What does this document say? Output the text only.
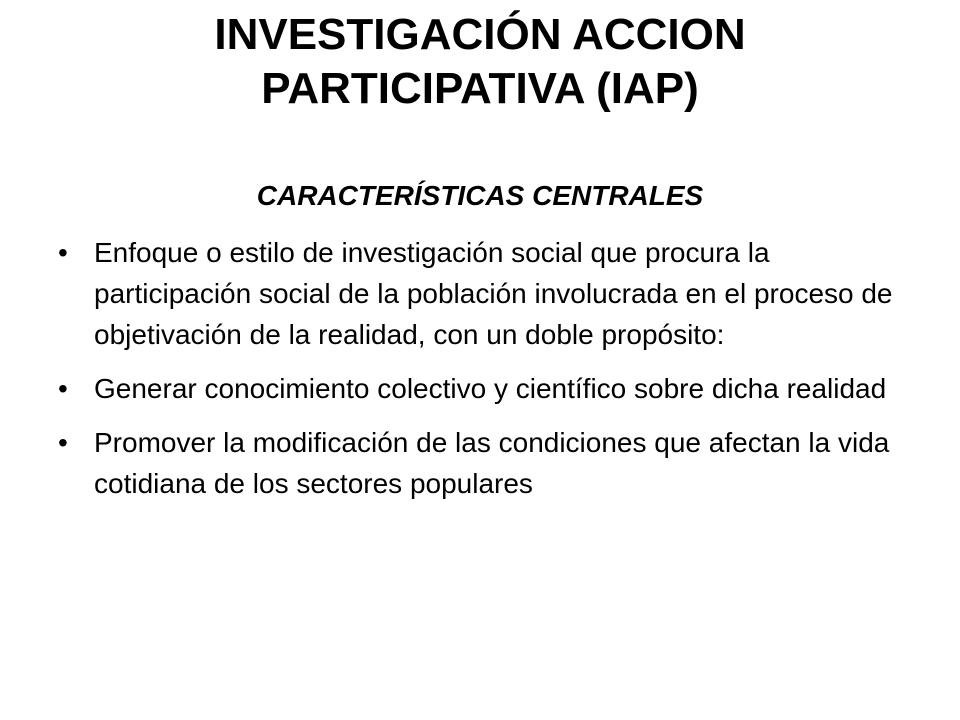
INVESTIGACIÓN ACCION
PARTICIPATIVA (IAP)
CARACTERÍSTICAS CENTRALES
• Enfoque o estilo de investigación social que procura la participación social de la población involucrada en el proceso de objetivación de la realidad, con un doble propósito:
• Generar conocimiento colectivo y científico sobre dicha realidad
• Promover la modificación de las condiciones que afectan la vida cotidiana de los sectores populares
